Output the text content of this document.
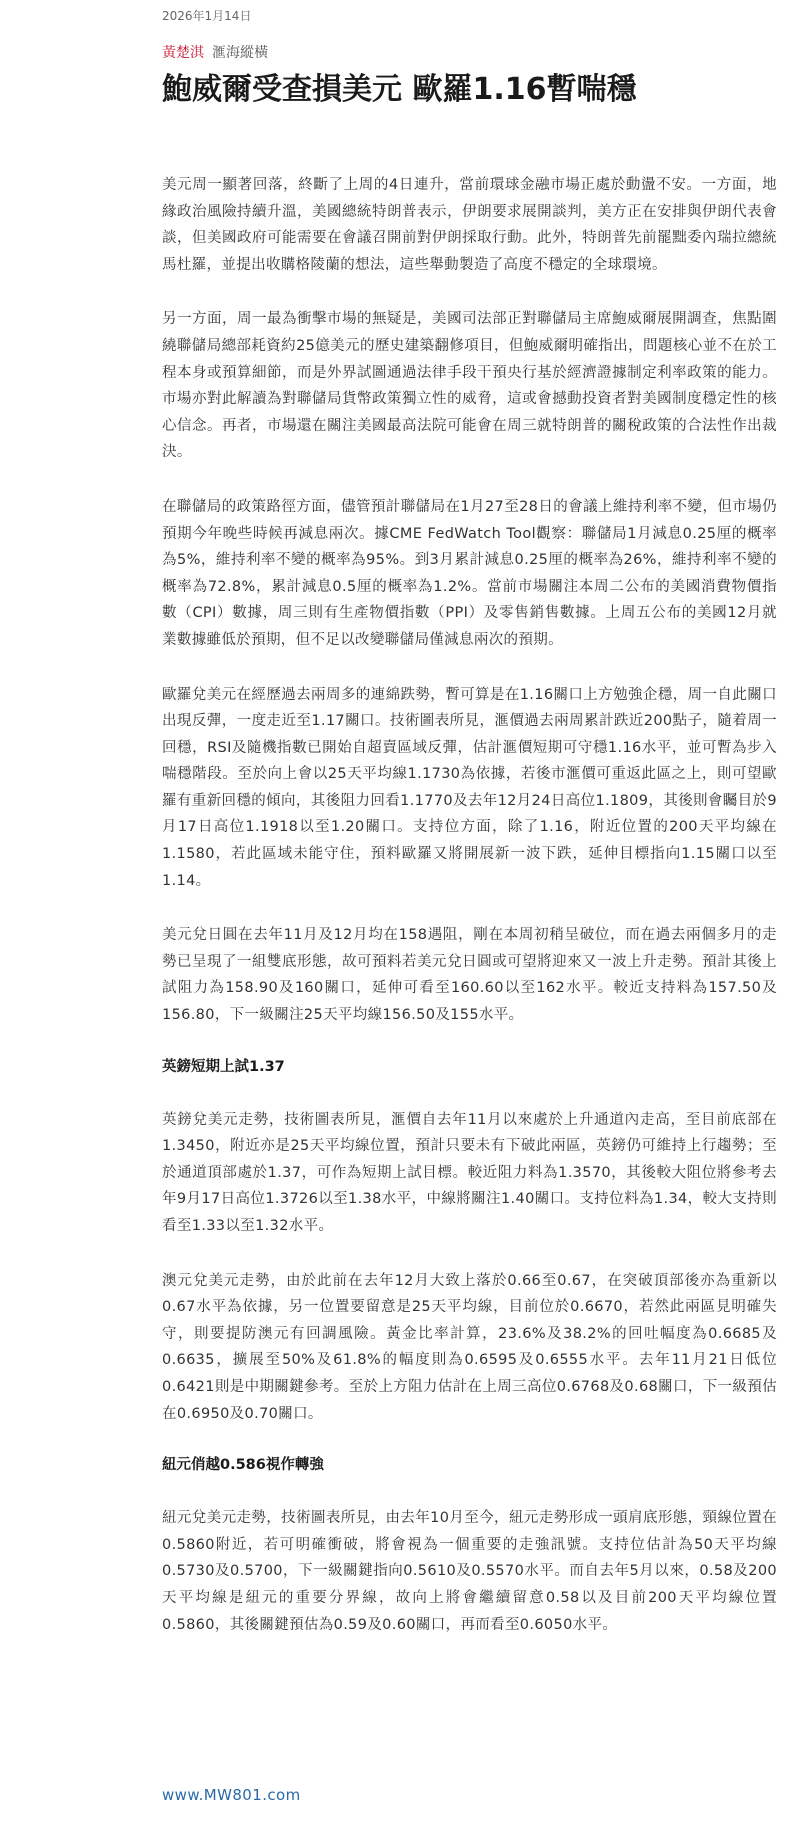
2026年1月14日
黃楚淇 滙海縱橫
鮑威爾受查損美元 歐羅1.16暫喘穩

美元周一顯著回落，終斷了上周的4日連升，當前環球金融市場正處於動盪不安。一方面，地緣政治風險持續升溫，美國總統特朗普表示，伊朗要求展開談判，美方正在安排與伊朗代表會談，但美國政府可能需要在會議召開前對伊朗採取行動。此外，特朗普先前罷黜委內瑞拉總統馬杜羅，並提出收購格陵蘭的想法，這些舉動製造了高度不穩定的全球環境。

另一方面，周一最為衝擊市場的無疑是，美國司法部正對聯儲局主席鮑威爾展開調查，焦點圍繞聯儲局總部耗資約25億美元的歷史建築翻修項目，但鮑威爾明確指出，問題核心並不在於工程本身或預算細節，而是外界試圖通過法律手段干預央行基於經濟證據制定利率政策的能力。市場亦對此解讀為對聯儲局貨幣政策獨立性的威脅，這或會撼動投資者對美國制度穩定性的核心信念。再者，市場還在關注美國最高法院可能會在周三就特朗普的關稅政策的合法性作出裁決。

在聯儲局的政策路徑方面，儘管預計聯儲局在1月27至28日的會議上維持利率不變，但市場仍預期今年晚些時候再減息兩次。據CME FedWatch Tool觀察：聯儲局1月減息0.25厘的概率為5%，維持利率不變的概率為95%。到3月累計減息0.25厘的概率為26%，維持利率不變的概率為72.8%，累計減息0.5厘的概率為1.2%。當前市場關注本周二公布的美國消費物價指數（CPI）數據，周三則有生產物價指數（PPI）及零售銷售數據。上周五公布的美國12月就業數據雖低於預期，但不足以改變聯儲局僅減息兩次的預期。

歐羅兌美元在經歷過去兩周多的連綿跌勢，暫可算是在1.16關口上方勉強企穩，周一自此關口出現反彈，一度走近至1.17關口。技術圖表所見，滙價過去兩周累計跌近200點子，隨着周一回穩，RSI及隨機指數已開始自超賣區域反彈，估計滙價短期可守穩1.16水平，並可暫為步入喘穩階段。至於向上會以25天平均線1.1730為依據，若後市滙價可重返此區之上，則可望歐羅有重新回穩的傾向，其後阻力回看1.1770及去年12月24日高位1.1809，其後則會矚目於9月17日高位1.1918以至1.20關口。支持位方面，除了1.16，附近位置的200天平均線在1.1580，若此區域未能守住，預料歐羅又將開展新一波下跌，延伸目標指向1.15關口以至1.14。

美元兌日圓在去年11月及12月均在158遇阻，剛在本周初稍呈破位，而在過去兩個多月的走勢已呈現了一組雙底形態，故可預料若美元兌日圓或可望將迎來又一波上升走勢。預計其後上試阻力為158.90及160關口，延伸可看至160.60以至162水平。較近支持料為157.50及156.80，下一級關注25天平均線156.50及155水平。

英鎊短期上試1.37

英鎊兌美元走勢，技術圖表所見，滙價自去年11月以來處於上升通道內走高，至目前底部在1.3450，附近亦是25天平均線位置，預計只要未有下破此兩區，英鎊仍可維持上行趨勢；至於通道頂部處於1.37，可作為短期上試目標。較近阻力料為1.3570，其後較大阻位將參考去年9月17日高位1.3726以至1.38水平，中線將關注1.40關口。支持位料為1.34，較大支持則看至1.33以至1.32水平。

澳元兌美元走勢，由於此前在去年12月大致上落於0.66至0.67，在突破頂部後亦為重新以0.67水平為依據，另一位置要留意是25天平均線，目前位於0.6670，若然此兩區見明確失守，則要提防澳元有回調風險。黃金比率計算，23.6%及38.2%的回吐幅度為0.6685及0.6635，擴展至50%及61.8%的幅度則為0.6595及0.6555水平。去年11月21日低位0.6421則是中期關鍵參考。至於上方阻力估計在上周三高位0.6768及0.68關口，下一級預估在0.6950及0.70關口。

紐元俏越0.586視作轉強

紐元兌美元走勢，技術圖表所見，由去年10月至今，紐元走勢形成一頭肩底形態，頸線位置在0.5860附近，若可明確衝破，將會視為一個重要的走強訊號。支持位估計為50天平均線0.5730及0.5700，下一級關鍵指向0.5610及0.5570水平。而自去年5月以來，0.58及200天平均線是紐元的重要分界線，故向上將會繼續留意0.58以及目前200天平均線位置0.5860，其後關鍵預估為0.59及0.60關口，再而看至0.6050水平。

www.MW801.com
